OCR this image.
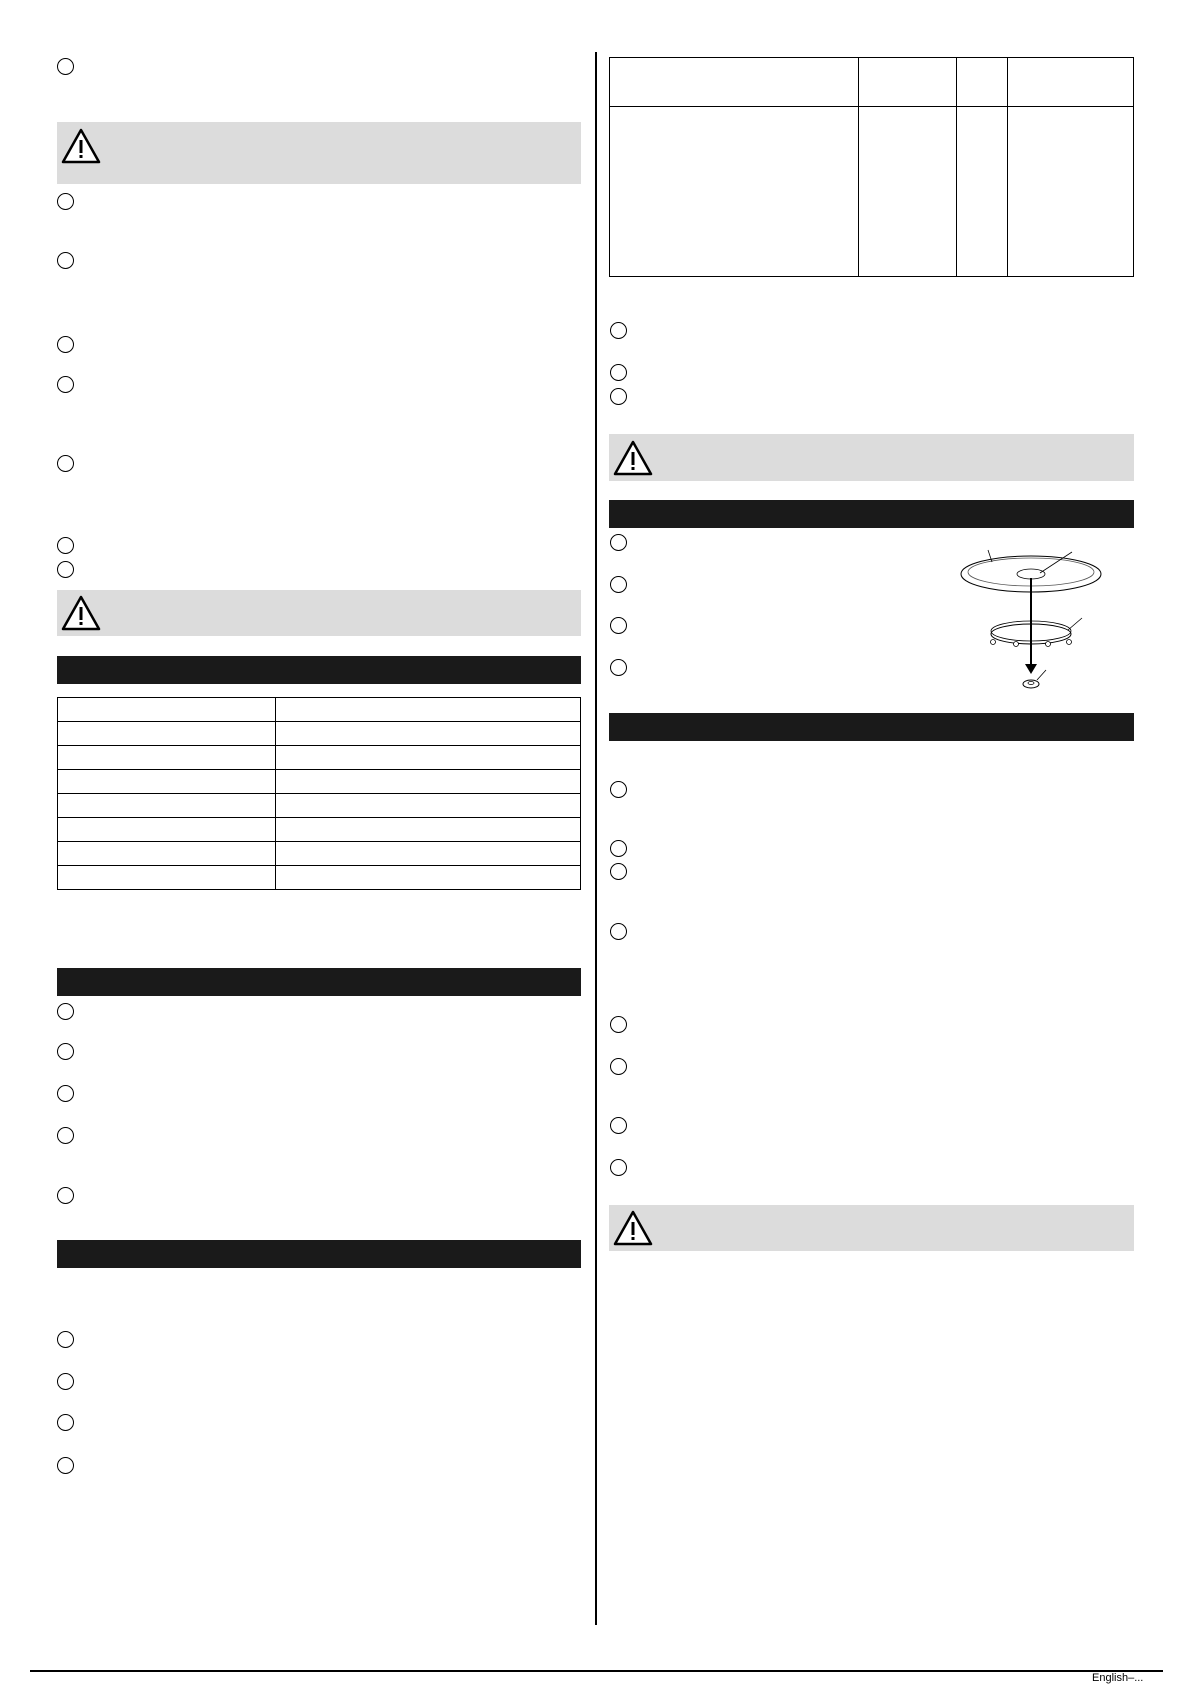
English–...
